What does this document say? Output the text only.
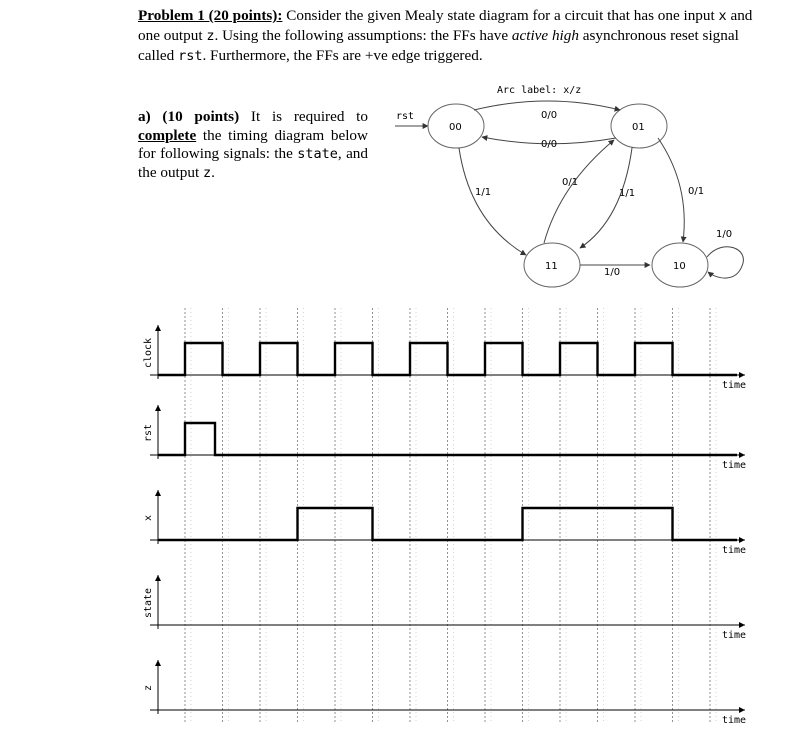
Problem 1 (20 points): Consider the given Mealy state diagram for a circuit that has one input x and one output z. Using the following assumptions: the FFs have active high asynchronous reset signal called rst. Furthermore, the FFs are +ve edge triggered.
a) (10 points) It is required to complete the timing diagram below for following signals: the state, and the output z.
Arc label: x/z
rst
00	01
11	10
0/0
0/0
1/1
0/1
1/1	0/1
1/0
1/0
time
clock
time
rst
time
x
time
state
time
z
